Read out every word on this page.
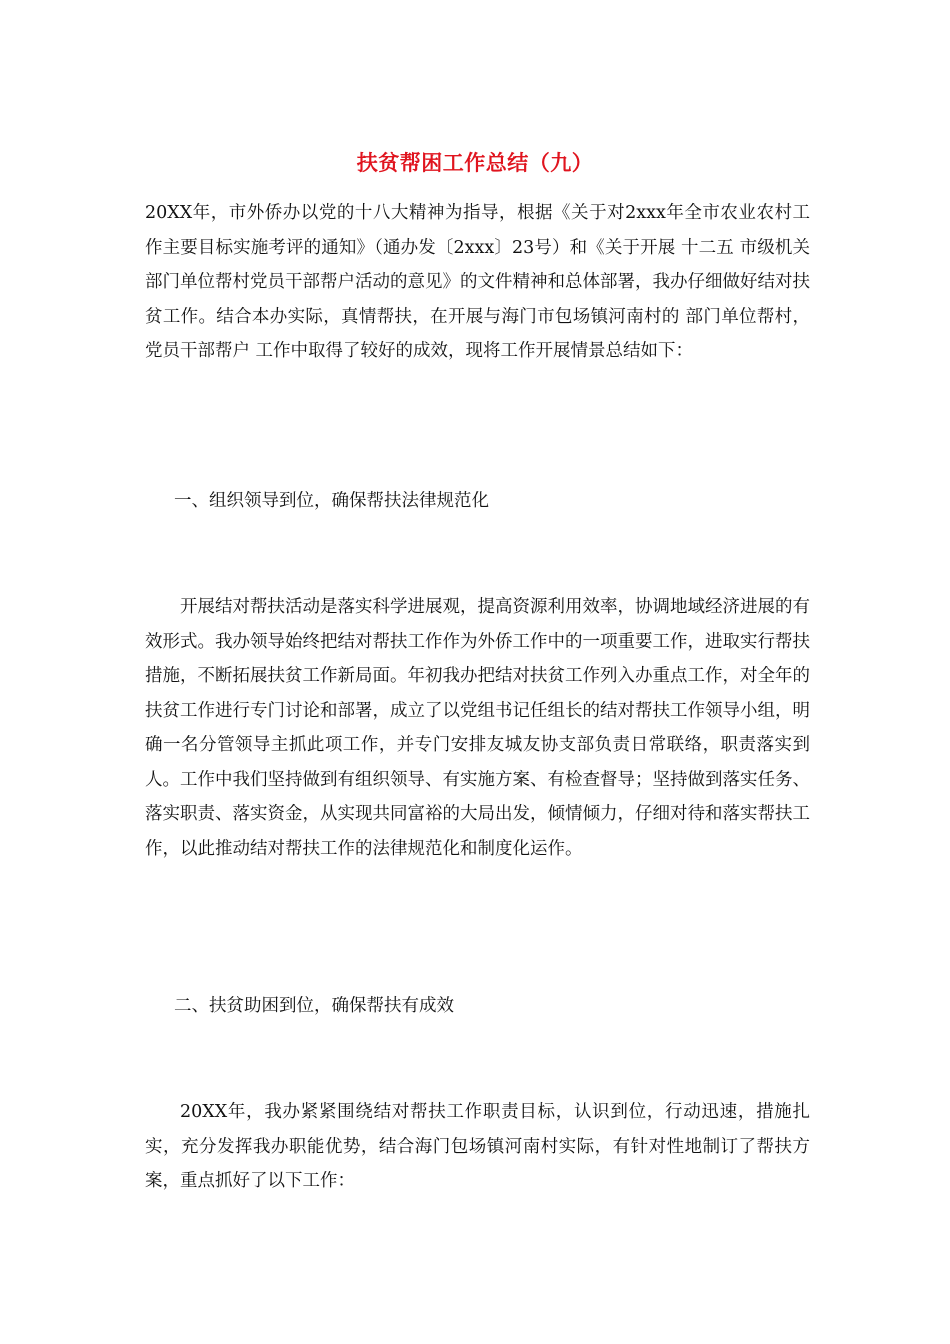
扶贫帮困工作总结（九）
20XX年，市外侨办以党的十八大精神为指导，根据《关于对2xxx年全市农业农村工作主要目标实施考评的通知》（通办发〔2xxx〕23号）和《关于开展 十二五 市级机关部门单位帮村党员干部帮户活动的意见》的文件精神和总体部署，我办仔细做好结对扶贫工作。结合本办实际，真情帮扶，在开展与海门市包场镇河南村的 部门单位帮村，党员干部帮户 工作中取得了较好的成效，现将工作开展情景总结如下：
一、组织领导到位，确保帮扶法律规范化
开展结对帮扶活动是落实科学进展观，提高资源利用效率，协调地域经济进展的有效形式。我办领导始终把结对帮扶工作作为外侨工作中的一项重要工作，进取实行帮扶措施，不断拓展扶贫工作新局面。年初我办把结对扶贫工作列入办重点工作，对全年的扶贫工作进行专门讨论和部署，成立了以党组书记任组长的结对帮扶工作领导小组，明确一名分管领导主抓此项工作，并专门安排友城友协支部负责日常联络，职责落实到人。工作中我们坚持做到有组织领导、有实施方案、有检查督导；坚持做到落实任务、落实职责、落实资金，从实现共同富裕的大局出发，倾情倾力，仔细对待和落实帮扶工作，以此推动结对帮扶工作的法律规范化和制度化运作。
二、扶贫助困到位，确保帮扶有成效
20XX年，我办紧紧围绕结对帮扶工作职责目标，认识到位，行动迅速，措施扎实，充分发挥我办职能优势，结合海门包场镇河南村实际，有针对性地制订了帮扶方案，重点抓好了以下工作：
